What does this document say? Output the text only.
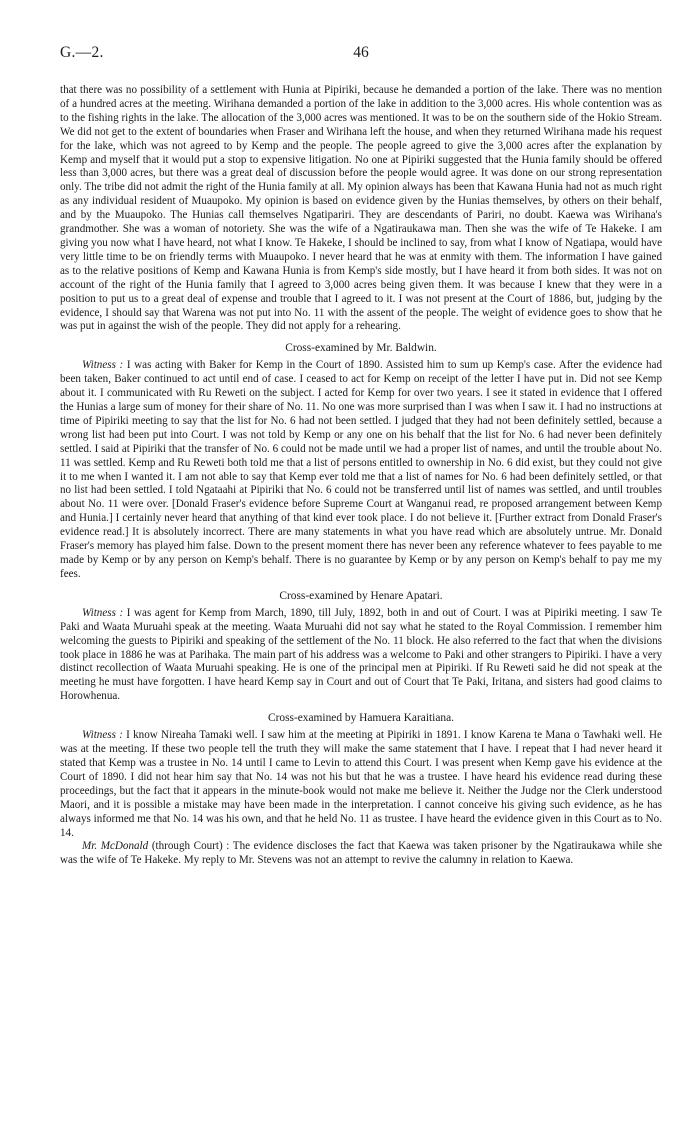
G.—2.	46

that there was no possibility of a settlement with Hunia at Pipiriki, because he demanded a portion of the lake. There was no mention of a hundred acres at the meeting. Wirihana demanded a portion of the lake in addition to the 3,000 acres. His whole contention was as to the fishing rights in the lake. The allocation of the 3,000 acres was mentioned. It was to be on the southern side of the Hokio Stream. We did not get to the extent of boundaries when Fraser and Wirihana left the house, and when they returned Wirihana made his request for the lake, which was not agreed to by Kemp and the people. The people agreed to give the 3,000 acres after the explanation by Kemp and myself that it would put a stop to expensive litigation. No one at Pipiriki suggested that the Hunia family should be offered less than 3,000 acres, but there was a great deal of discussion before the people would agree. It was done on our strong representation only. The tribe did not admit the right of the Hunia family at all. My opinion always has been that Kawana Hunia had not as much right as any individual resident of Muaupoko. My opinion is based on evidence given by the Hunias themselves, by others on their behalf, and by the Muaupoko. The Hunias call themselves Ngatipariri. They are descendants of Pariri, no doubt. Kaewa was Wirihana's grandmother. She was a woman of notoriety. She was the wife of a Ngatiraukawa man. Then she was the wife of Te Hakeke. I am giving you now what I have heard, not what I know. Te Hakeke, I should be inclined to say, from what I know of Ngatiapa, would have very little time to be on friendly terms with Muaupoko. I never heard that he was at enmity with them. The information I have gained as to the relative positions of Kemp and Kawana Hunia is from Kemp's side mostly, but I have heard it from both sides. It was not on account of the right of the Hunia family that I agreed to 3,000 acres being given them. It was because I knew that they were in a position to put us to a great deal of expense and trouble that I agreed to it. I was not present at the Court of 1886, but, judging by the evidence, I should say that Warena was not put into No. 11 with the assent of the people. The weight of evidence goes to show that he was put in against the wish of the people. They did not apply for a rehearing.

Cross-examined by Mr. Baldwin.

Witness : I was acting with Baker for Kemp in the Court of 1890. Assisted him to sum up Kemp's case. After the evidence had been taken, Baker continued to act until end of case. I ceased to act for Kemp on receipt of the letter I have put in. Did not see Kemp about it. I communicated with Ru Reweti on the subject. I acted for Kemp for over two years. I see it stated in evidence that I offered the Hunias a large sum of money for their share of No. 11. No one was more surprised than I was when I saw it. I had no instructions at time of Pipiriki meeting to say that the list for No. 6 had not been settled. I judged that they had not been definitely settled, because a wrong list had been put into Court. I was not told by Kemp or any one on his behalf that the list for No. 6 had never been definitely settled. I said at Pipiriki that the transfer of No. 6 could not be made until we had a proper list of names, and until the trouble about No. 11 was settled. Kemp and Ru Reweti both told me that a list of persons entitled to ownership in No. 6 did exist, but they could not give it to me when I wanted it. I am not able to say that Kemp ever told me that a list of names for No. 6 had been definitely settled, or that no list had been settled. I told Ngataahi at Pipiriki that No. 6 could not be transferred until list of names was settled, and until troubles about No. 11 were over. [Donald Fraser's evidence before Supreme Court at Wanganui read, re proposed arrangement between Kemp and Hunia.] I certainly never heard that anything of that kind ever took place. I do not believe it. [Further extract from Donald Fraser's evidence read.] It is absolutely incorrect. There are many statements in what you have read which are absolutely untrue. Mr. Donald Fraser's memory has played him false. Down to the present moment there has never been any reference whatever to fees payable to me made by Kemp or by any person on Kemp's behalf. There is no guarantee by Kemp or by any person on Kemp's behalf to pay me my fees.

Cross-examined by Henare Apatari.

Witness : I was agent for Kemp from March, 1890, till July, 1892, both in and out of Court. I was at Pipiriki meeting. I saw Te Paki and Waata Muruahi speak at the meeting. Waata Muruahi did not say what he stated to the Royal Commission. I remember him welcoming the guests to Pipiriki and speaking of the settlement of the No. 11 block. He also referred to the fact that when the divisions took place in 1886 he was at Parihaka. The main part of his address was a welcome to Paki and other strangers to Pipiriki. I have a very distinct recollection of Waata Muruahi speaking. He is one of the principal men at Pipiriki. If Ru Reweti said he did not speak at the meeting he must have forgotten. I have heard Kemp say in Court and out of Court that Te Paki, Iritana, and sisters had good claims to Horowhenua.

Cross-examined by Hamuera Karaitiana.

Witness : I know Nireaha Tamaki well. I saw him at the meeting at Pipiriki in 1891. I know Karena te Mana o Tawhaki well. He was at the meeting. If these two people tell the truth they will make the same statement that I have. I repeat that I had never heard it stated that Kemp was a trustee in No. 14 until I came to Levin to attend this Court. I was present when Kemp gave his evidence at the Court of 1890. I did not hear him say that No. 14 was not his but that he was a trustee. I have heard his evidence read during these proceedings, but the fact that it appears in the minute-book would not make me believe it. Neither the Judge nor the Clerk understood Maori, and it is possible a mistake may have been made in the interpretation. I cannot conceive his giving such evidence, as he has always informed me that No. 14 was his own, and that he held No. 11 as trustee. I have heard the evidence given in this Court as to No. 14.

Mr. McDonald (through Court) : The evidence discloses the fact that Kaewa was taken prisoner by the Ngatiraukawa while she was the wife of Te Hakeke. My reply to Mr. Stevens was not an attempt to revive the calumny in relation to Kaewa.
